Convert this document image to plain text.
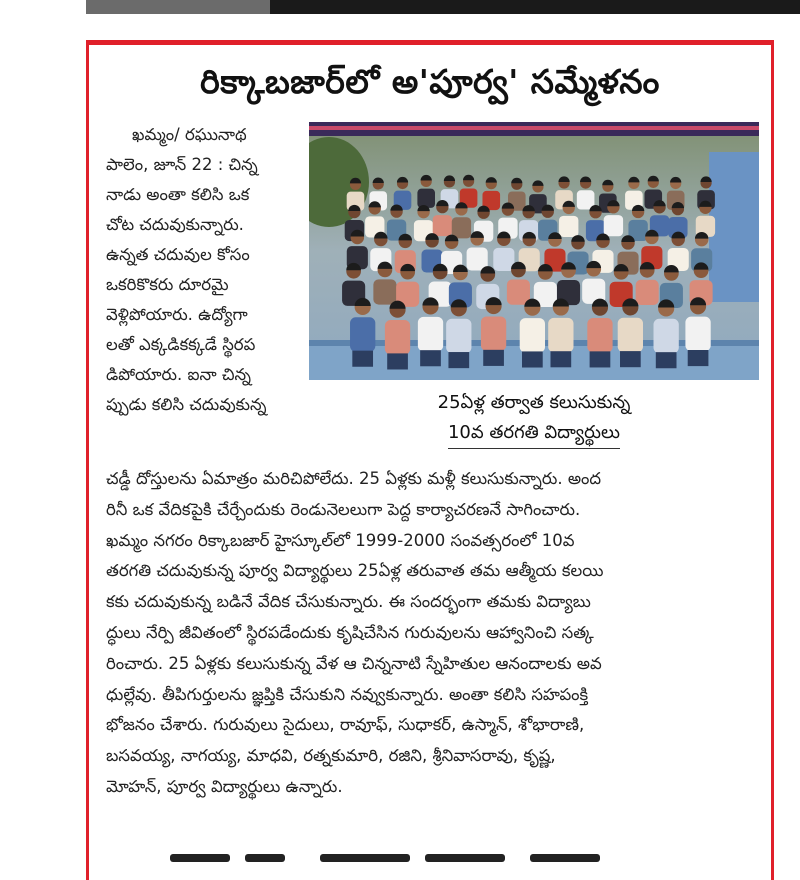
రిక్కాబజార్‌లో అ'పూర్వ' సమ్మేళనం
ఖమ్మం/ రఘునాథ
పాలెం, జూన్ 22 : చిన్న
నాడు అంతా కలిసి ఒక
చోట చదువుకున్నారు.
ఉన్నత చదువుల కోసం
ఒకరికొకరు దూరమై
వెళ్లిపోయారు. ఉద్యోగా
లతో ఎక్కడికక్కడే స్థిరప
డిపోయారు. ఐనా చిన్న
ప్పుడు కలిసి చదువుకున్న	25ఏళ్ల తర్వాత కలుసుకున్న
10వ తరగతి విద్యార్థులు
చడ్డీ దోస్తులను ఏమాత్రం మరిచిపోలేదు. 25 ఏళ్లకు మళ్లీ కలుసుకున్నారు. అంద
రినీ ఒక వేదికపైకి చేర్చేందుకు రెండునెలలుగా పెద్ద కార్యాచరణనే సాగించారు.
ఖమ్మం నగరం రిక్కాబజార్ హైస్కూల్‌లో 1999-2000 సంవత్సరంలో 10వ
తరగతి చదువుకున్న పూర్వ విద్యార్థులు 25ఏళ్ల తరువాత తమ ఆత్మీయ కలయి
కకు చదువుకున్న బడినే వేదిక చేసుకున్నారు. ఈ సందర్భంగా తమకు విద్యాబు
ద్ధులు నేర్పి జీవితంలో స్థిరపడేందుకు కృషిచేసిన గురువులను ఆహ్వానించి సత్క
రించారు. 25 ఏళ్లకు కలుసుకున్న వేళ ఆ చిన్ననాటి స్నేహితుల ఆనందాలకు అవ
ధుల్లేవు. తీపిగుర్తులను జ్ఞప్తికి చేసుకుని నవ్వుకున్నారు. అంతా కలిసి సహపంక్తి
భోజనం చేశారు. గురువులు సైదులు, రావూఫ్, సుధాకర్, ఉస్మాన్, శోభారాణి,
బసవయ్య, నాగయ్య, మాధవి, రత్నకుమారి, రజిని, శ్రీనివాసరావు, కృష్ణ,
మోహన్, పూర్వ విద్యార్థులు ఉన్నారు.
